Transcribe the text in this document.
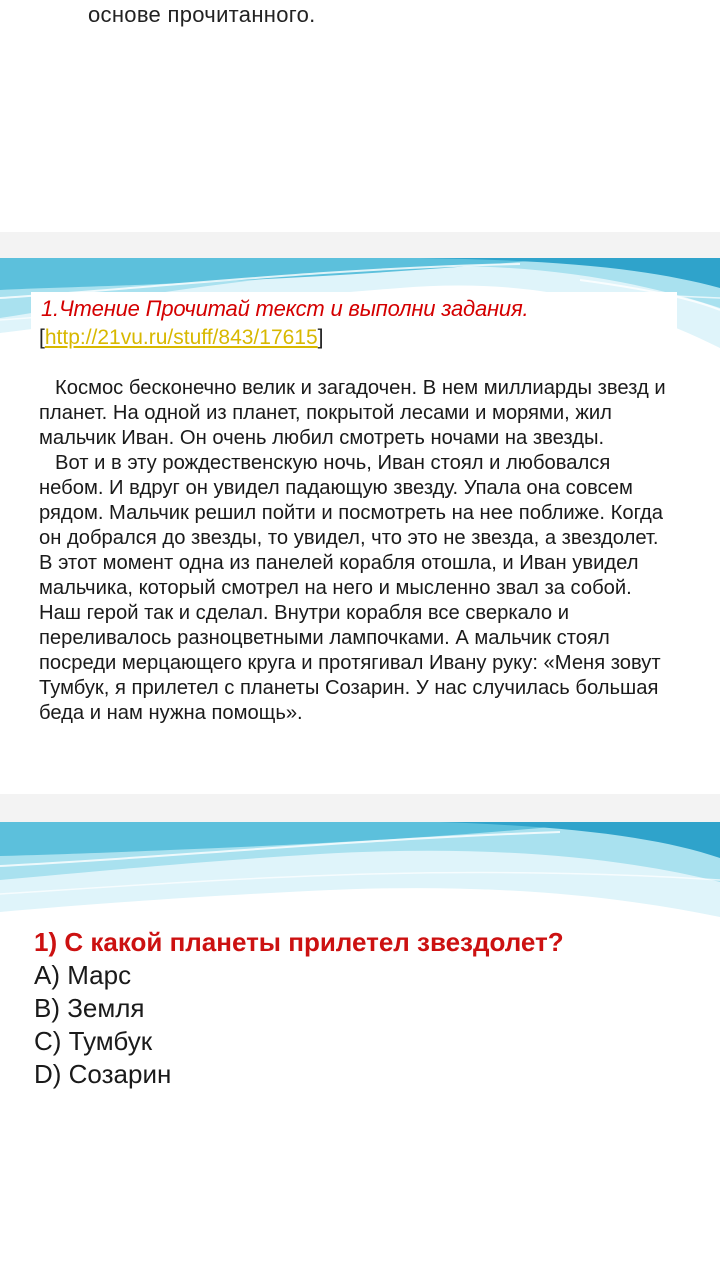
основе прочитанного.
1.Чтение Прочитай текст и выполни задания.
[http://21vu.ru/stuff/843/17615]

Космос бесконечно велик и загадочен. В нем миллиарды звезд и планет. На одной из планет, покрытой лесами и морями, жил мальчик Иван. Он очень любил смотреть ночами на звезды.

Вот и в эту рождественскую ночь, Иван стоял и любовался небом. И вдруг он увидел падающую звезду. Упала она совсем рядом. Мальчик решил пойти и посмотреть на нее поближе. Когда он добрался до звезды, то увидел, что это не звезда, а звездолет. В этот момент одна из панелей корабля отошла, и Иван увидел мальчика, который смотрел на него и мысленно звал за собой. Наш герой так и сделал. Внутри корабля все сверкало и переливалось разноцветными лампочками. А мальчик стоял посреди мерцающего круга и протягивал Ивану руку: «Меня зовут Тумбук, я прилетел с планеты Созарин. У нас случилась большая беда и нам нужна помощь».

1) С какой планеты прилетел звездолет?
A) Марс
B) Земля
C) Тумбук
D) Созарин
